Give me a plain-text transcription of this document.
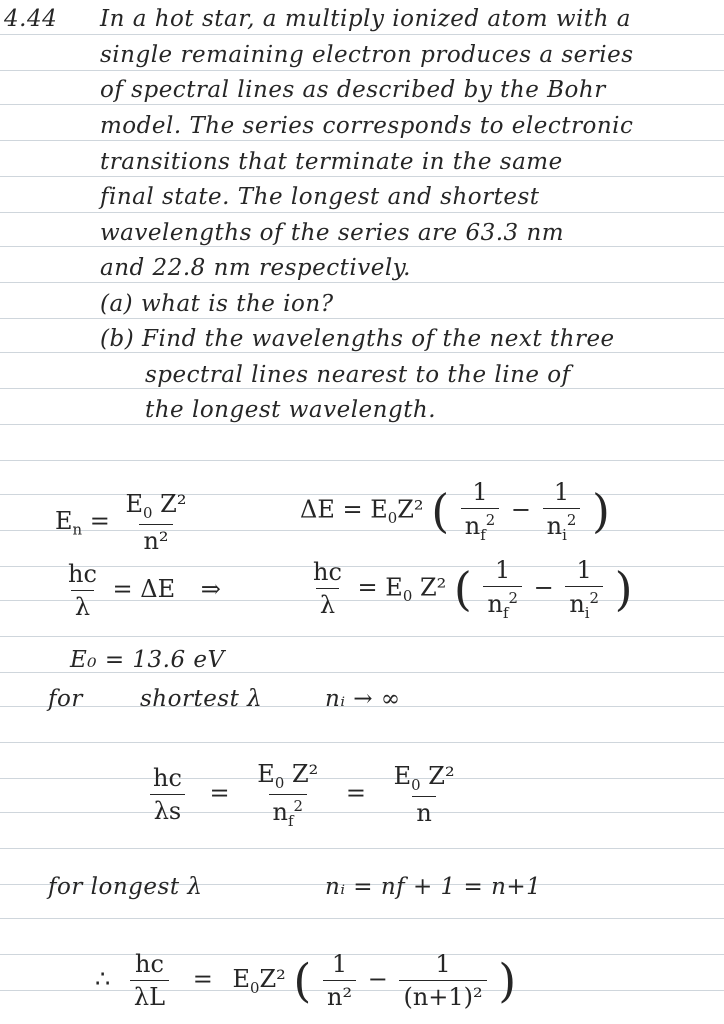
4.44 In a hot star, a multiply ionized atom with a
single remaining electron produces a series
of spectral lines as described by the Bohr
model. The series corresponds to electronic
transitions that terminate in the same
final state. The longest and shortest
wavelengths of the series are 63.3 nm
and 22.8 nm respectively.
(a) what is the ion?
(b) Find the wavelengths of the next three
spectral lines nearest to the line of
the longest wavelength.
$E_n = \frac{E_0 Z^2}{\text{n²}}$	$\Delta E = E_0Z^2$ ( $\frac{1}{n_f^2} - \frac{1}{n_i^2}$ )
$\frac{hc}{\lambda} = \Delta E$ ⇒	$\frac{hc}{\lambda} = E_0$ Z² ( $\frac{1}{n_f^2} - \frac{1}{n_i^2}$ )
E₀ = 13.6 eV
for shortest λ	nᵢ → ∞
$\frac{hc}{\lambda s} = \frac{E_0 Z^2}{n_f^2} = \frac{E_0 Z^2}{n}$
for longest λ	nᵢ = nf + 1 = n+1
∴ $\frac{hc}{\lambda L} = E_0Z^2$ ( $\frac{1}{\text{n²}} - \frac{1}{\text{(n+1)²}}$ )
